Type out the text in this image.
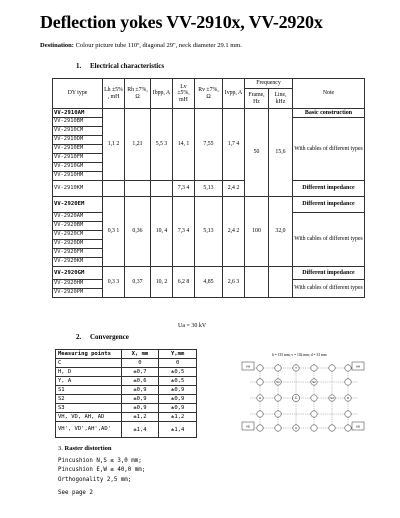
Deflection yokes VV-2910x, VV-2920x
Destination: Colour picture tube 110º, diagonal 29", neck diameter 29.1 mm.
1. Electrical characteristics
DY type	Lh ±5% , mH	Rh ±7%, Ω	Ibpp, A	Lv ±5%, mH	Rv ±7%, Ω	Ivpp, A	Frequency		Note
							Frame, Hz	Line, kHz	
VV-2910AM	1,1 2	1,21	5,5 3	14, 1	7,55	1,7 4	50	15,6	Basic construction
VV-2910BM									With cables of different types
VV-2910CM									
VV-2910DM									
VV-2910EM									
VV-2910FM									
VV-2910GM									
VV-2910HM									
VV-2910KM				7,3 4	5,13	2,4 2			Different impedance
VV-2920EM	0,3 1	0,36	10, 4	7,3 4	5,13	2,4 2	100	32,0	Different impedance
VV-2920AM									With cables of different types
VV-2920BM									
VV-2920CM									
VV-2920DM									
VV-2920FM									
VV-2920KM									
VV-2920GM	0,3 3	0,37	10, 2	6,2 8	4,85	2,6 3			Different impedance
VV-2920HM									With cables of different types
VV-2920PM									
Ua = 30 kV
2. Convergence
Measuring points	X, mm	Y,mm
C	0	0
H, D	±0,7	±0,5
Y, A	±0,6	±0,5
S1	±0,9	±0,9
S2	±0,9	±0,9
S3	±0,9	±0,9
VH, VD, AH, AD	±1,2	±1,2
VH', VD',AH',AD'	±1,4	±1,4
h = 135 mm; v = 102 mm; d = 33 mm
VH
VD
AH
AD
S1	S2
S3
H	D
Y
A
C
3. Raster distortion
Pincushion N,S ≤ 3,0 mm;
Pincushion E,W ≤ 40,0 mm;
Orthogonality 2,5 mm;
See page 2
